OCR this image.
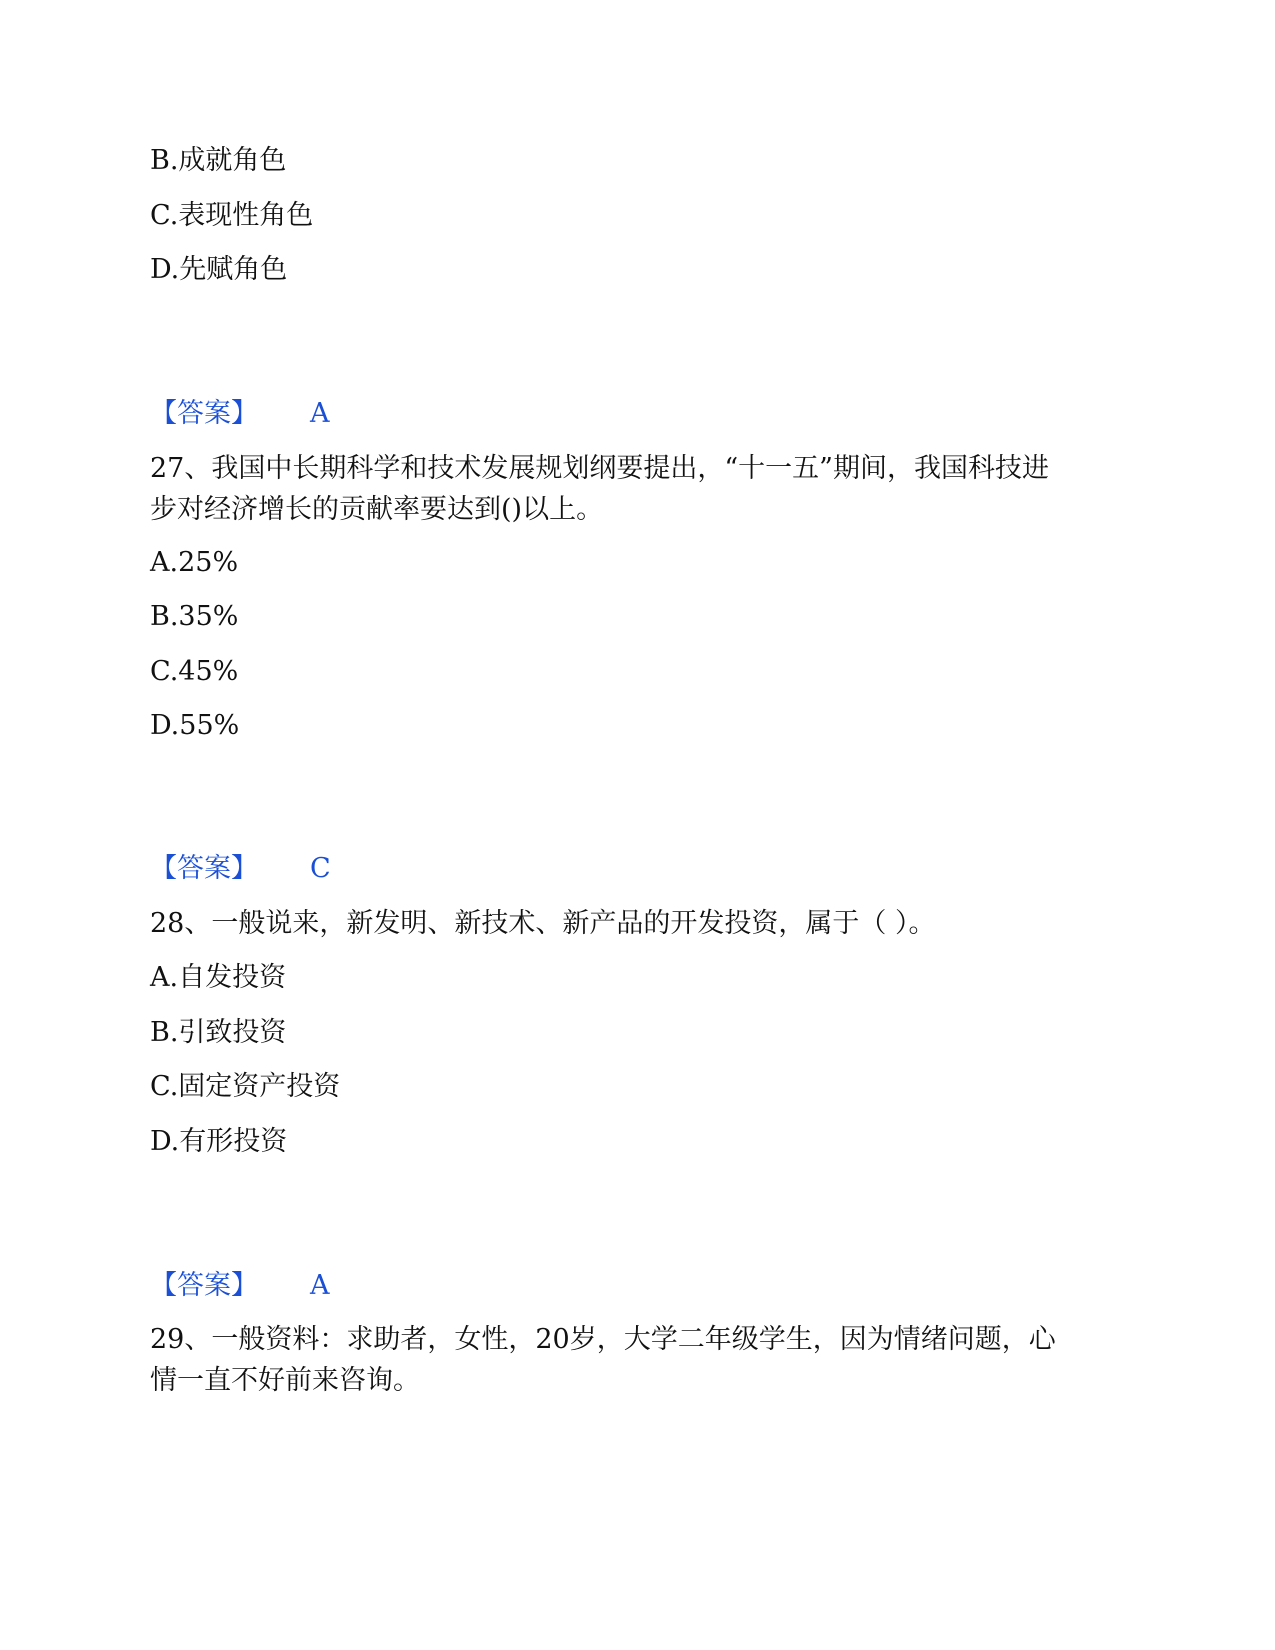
B.成就角色
C.表现性角色
D.先赋角色
【答案】 A
27、我国中长期科学和技术发展规划纲要提出，“十一五”期间，我国科技进
步对经济增长的贡献率要达到()以上。
A.25%
B.35%
C.45%
D.55%
【答案】 C
28、一般说来，新发明、新技术、新产品的开发投资，属于（ ）。
A.自发投资
B.引致投资
C.固定资产投资
D.有形投资
【答案】 A
29、一般资料：求助者，女性，20岁，大学二年级学生，因为情绪问题，心
情一直不好前来咨询。
